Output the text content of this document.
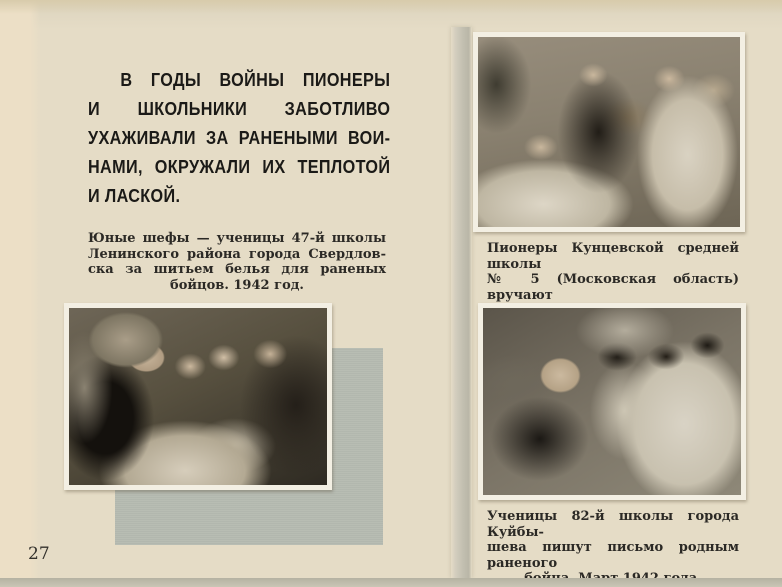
В ГОДЫ ВОЙНЫ ПИОНЕРЫ
И ШКОЛЬНИКИ ЗАБОТЛИВО
УХАЖИВАЛИ ЗА РАНЕНЫМИ ВОИ-
НАМИ, ОКРУЖАЛИ ИХ ТЕПЛОТОЙ
И ЛАСКОЙ.
Юные шефы — ученицы 47-й школы
Ленинского района города Свердлов-
ска за шитьем белья для раненых
бойцов. 1942 год.
Пионеры Кунцевской средней школы
№ 5 (Московская область) вручают
Ученицы 82-й школы города Куйбы-
шева пишут письмо родным раненого
27
